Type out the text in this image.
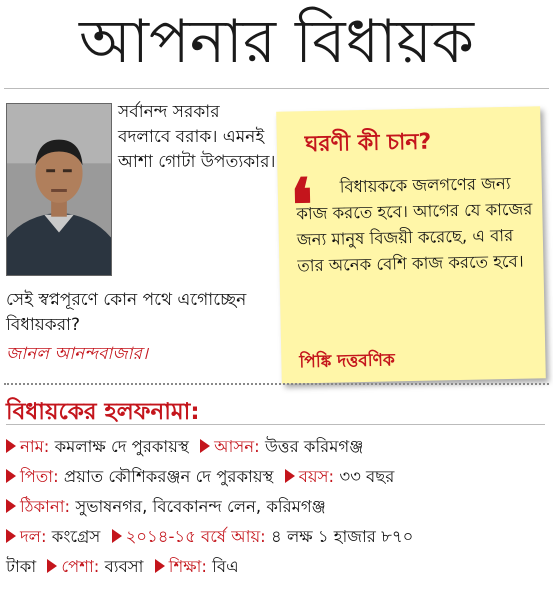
আপনার বিধায়ক

সর্বানন্দ সরকার বদলাবে বরাক। এমনই আশা গোটা উপত্যকার।

সেই স্বপ্নপূরণে কোন পথে এগোচ্ছেন বিধায়করা?

জানল আনন্দবাজার।

ঘরণী কী চান?
❛	বিধায়ককে জলগণের জন্য কাজ করতে হবে। আগের যে কাজের জন্য মানুষ বিজয়ী করেছে, এ বার তার অনেক বেশি কাজ করতে হবে।

পিঙ্কি দত্তবণিক
বিধায়কের হলফনামা:
নাম: কমলাক্ষ দে পুরকায়স্থ আসন: উত্তর করিমগঞ্জ
পিতা: প্রয়াত কৌশিকরঞ্জন দে পুরকায়স্থ বয়স: ৩৩ বছর
ঠিকানা: সুভাষনগর, বিবেকানন্দ লেন, করিমগঞ্জ
দল: কংগ্রেস ২০১৪-১৫ বর্ষে আয়: ৪ লক্ষ ১ হাজার ৮৭০
টাকা পেশা: ব্যবসা শিক্ষা: বিএ
